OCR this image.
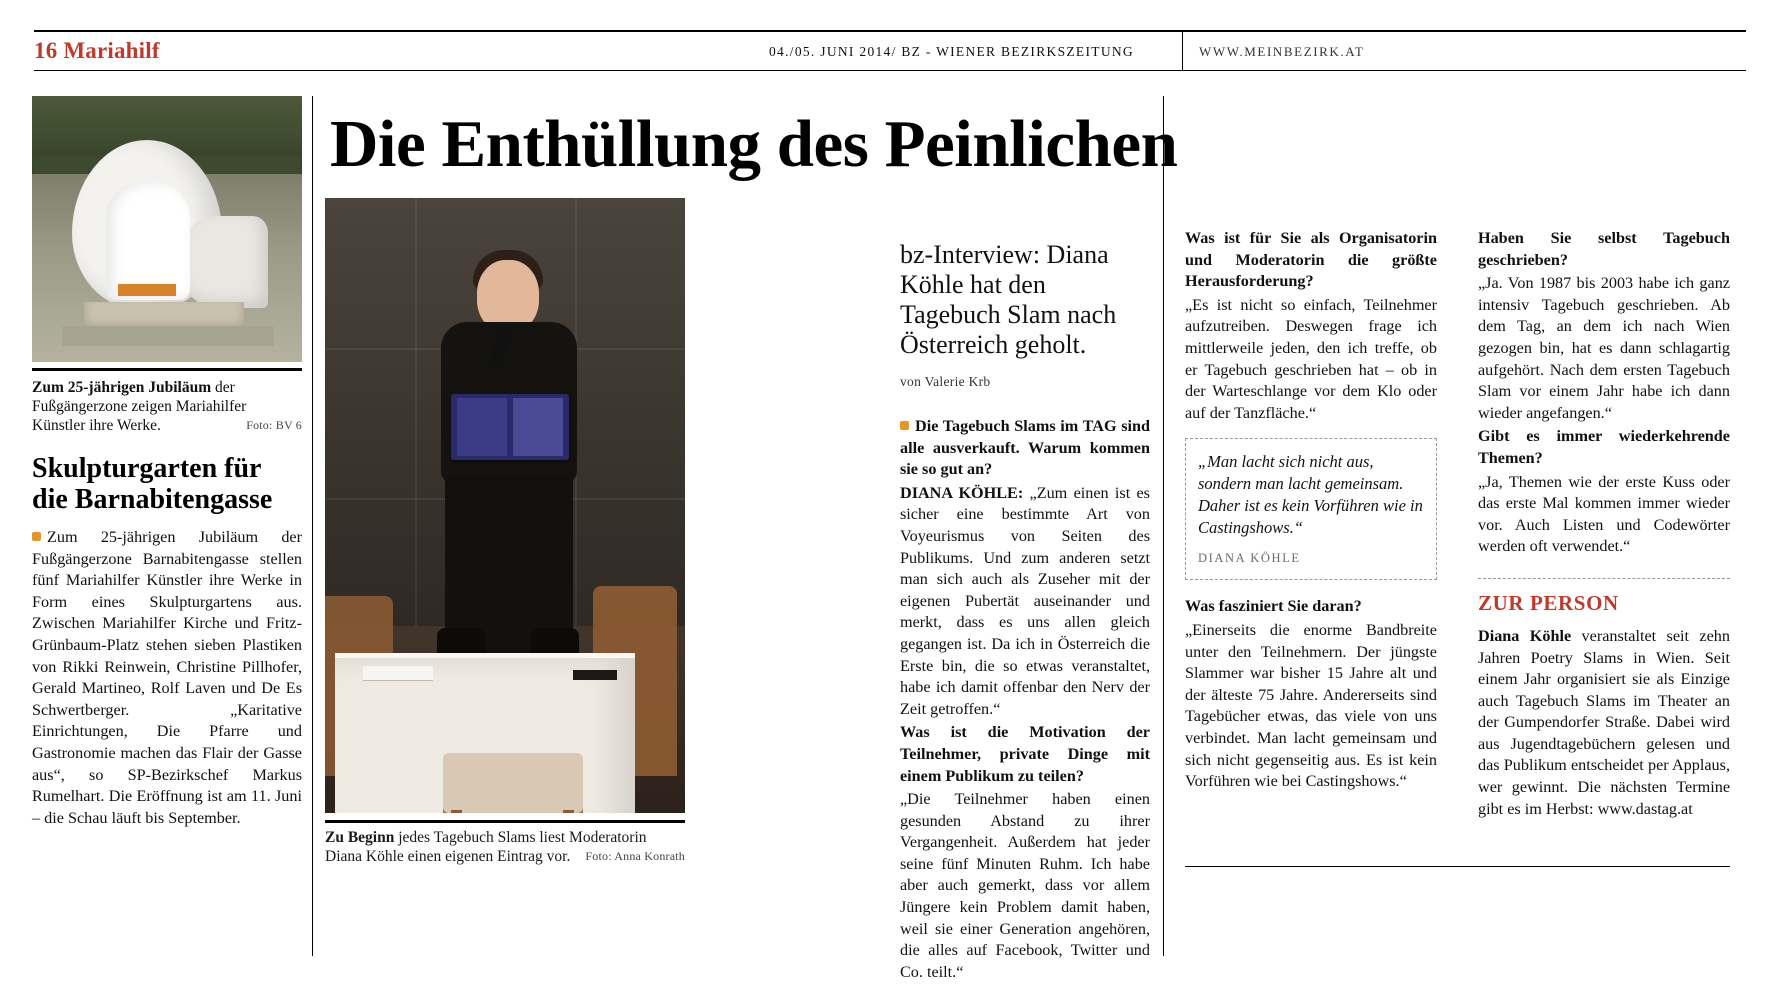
16 Mariahilf	04./05. JUNI 2014/ BZ - WIENER BEZIRKSZEITUNG	WWW.MEINBEZIRK.AT
Zum 25-jährigen Jubiläum der Fußgängerzone zeigen Mariahilfer Künstler ihre Werke.	Foto: BV 6
Skulpturgarten für die Barnabitengasse
Zum 25-jährigen Jubiläum der Fußgängerzone Barnabitengasse stellen fünf Mariahilfer Künstler ihre Werke in Form eines Skulpturgartens aus. Zwischen Mariahilfer Kirche und Fritz-Grünbaum-Platz stehen sieben Plastiken von Rikki Reinwein, Christine Pillhofer, Gerald Martineo, Rolf Laven und De Es Schwertberger. „Karitative Einrichtungen, Die Pfarre und Gastronomie machen das Flair der Gasse aus“, so SP-Bezirkschef Markus Rumelhart. Die Eröffnung ist am 11. Juni – die Schau läuft bis September.
Die Enthüllung des Peinlichen
Zu Beginn jedes Tagebuch Slams liest Moderatorin Diana Köhle einen eigenen Eintrag vor. Foto: Anna Konrath
bz-Interview: Diana Köhle hat den Tagebuch Slam nach Österreich geholt.
von Valerie Krb

Die Tagebuch Slams im TAG sind alle ausverkauft. Warum kommen sie so gut an?

DIANA KÖHLE: „Zum einen ist es sicher eine bestimmte Art von Voyeurismus von Seiten des Publikums. Und zum anderen setzt man sich auch als Zuseher mit der eigenen Pubertät auseinander und merkt, dass es uns allen gleich gegangen ist. Da ich in Österreich die Erste bin, die so etwas veranstaltet, habe ich damit offenbar den Nerv der Zeit getroffen.“

Was ist die Motivation der Teilnehmer, private Dinge mit einem Publikum zu teilen?

„Die Teilnehmer haben einen gesunden Abstand zu ihrer Vergangenheit. Außerdem hat jeder seine fünf Minuten Ruhm. Ich habe aber auch gemerkt, dass vor allem Jüngere kein Problem damit haben, weil sie einer Generation angehören, die alles auf Facebook, Twitter und Co. teilt.“

Was ist für Sie als Organisatorin und Moderatorin die größte Herausforderung?

„Es ist nicht so einfach, Teilnehmer aufzutreiben. Deswegen frage ich mittlerweile jeden, den ich treffe, ob er Tagebuch geschrieben hat – ob in der Warteschlange vor dem Klo oder auf der Tanzfläche.“

„Man lacht sich nicht aus, sondern man lacht gemeinsam. Daher ist es kein Vorführen wie in Castingshows.“
DIANA KÖHLE

Was fasziniert Sie daran?

„Einerseits die enorme Bandbreite unter den Teilnehmern. Der jüngste Slammer war bisher 15 Jahre alt und der älteste 75 Jahre. Andererseits sind Tagebücher etwas, das viele von uns verbindet. Man lacht gemeinsam und sich nicht gegenseitig aus. Es ist kein Vorführen wie bei Castingshows.“

Haben Sie selbst Tagebuch geschrieben?

„Ja. Von 1987 bis 2003 habe ich ganz intensiv Tagebuch geschrieben. Ab dem Tag, an dem ich nach Wien gezogen bin, hat es dann schlagartig aufgehört. Nach dem ersten Tagebuch Slam vor einem Jahr habe ich dann wieder angefangen.“

Gibt es immer wiederkehrende Themen?

„Ja, Themen wie der erste Kuss oder das erste Mal kommen immer wieder vor. Auch Listen und Codewörter werden oft verwendet.“

ZUR PERSON

Diana Köhle veranstaltet seit zehn Jahren Poetry Slams in Wien. Seit einem Jahr organisiert sie als Einzige auch Tagebuch Slams im Theater an der Gumpendorfer Straße. Dabei wird aus Jugendtagebüchern gelesen und das Publikum entscheidet per Applaus, wer gewinnt. Die nächsten Termine gibt es im Herbst: www.dastag.at
